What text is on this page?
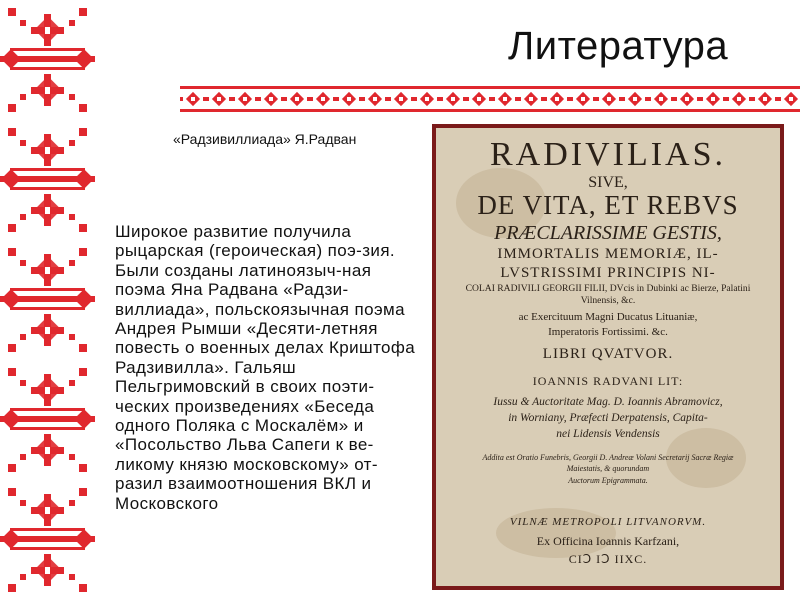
Литература
«Радзивиллиада» Я.Радван
Широкое развитие получила рыцарская (героическая) поэ-зия. Были созданы латиноязыч-ная поэма Яна Радвана «Радзи-виллиада», польскоязычная поэма Андрея Рымши «Десяти-летняя повесть о военных делах Криштофа Радзивилла». Гальяш Пельгримовский в своих поэти-ческих произведениях «Беседа одного Поляка с Москалём» и «Посольство Льва Сапеги к ве-ликому князю московскому» от-разил взаимоотношения ВКЛ и Московского
RADIVILIAS.
SIVE,
DE VITA, ET REBVS
PRÆCLARISSIME GESTIS,
IMMORTALIS MEMORIÆ, IL-
LVSTRISSIMI PRINCIPIS NI-
COLAI RADIVILI GEORGII FILII, DVcis in Dubinki ac Bierze, Palatini Vilnensis, &c.
ac Exercituum Magni Ducatus Lituaniæ,
Imperatoris Fortissimi. &c.
LIBRI QVATVOR.
IOANNIS RADVANI LIT:
Iussu & Auctoritate Mag. D. Ioannis Abramovicz,
in Worniany, Præfecti Derpatensis, Capita-
nei Lidensis Vendensis
Addita est Oratio Funebris, Georgii D. Andreæ Volani Secretarij Sacræ Regiæ Maiestatis, & quorundam
Auctorum Epigrammata.
VILNÆ METROPOLI LITVANORVM.
Ex Officina Ioannis Karfzani,
CIↃ IↃ IIXC.
